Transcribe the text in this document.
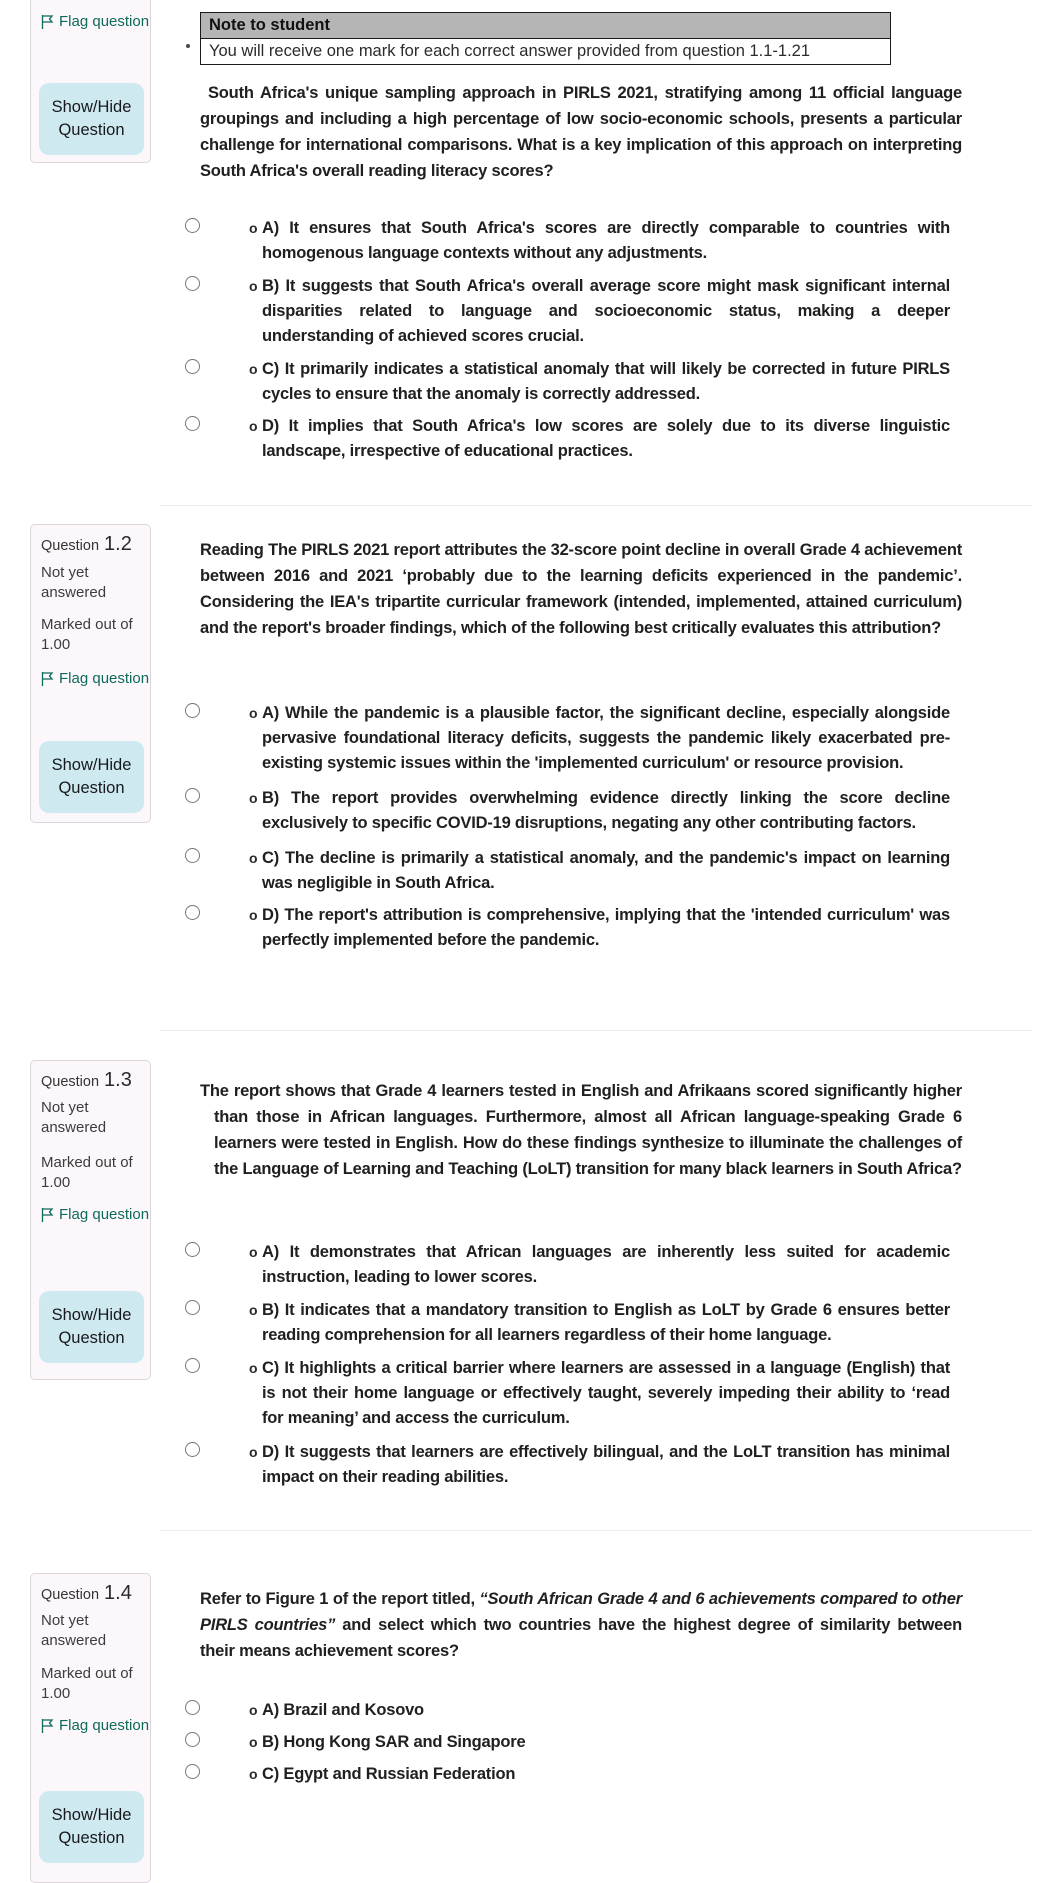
Flag question
Show/Hide Question
Note to student
You will receive one mark for each correct answer provided from question 1.1-1.21
South Africa's unique sampling approach in PIRLS 2021, stratifying among 11 official language groupings and including a high percentage of low socio-economic schools, presents a particular challenge for international comparisons. What is a key implication of this approach on interpreting South Africa's overall reading literacy scores?
o A) It ensures that South Africa's scores are directly comparable to countries with homogenous language contexts without any adjustments.
o B) It suggests that South Africa's overall average score might mask significant internal disparities related to language and socioeconomic status, making a deeper understanding of achieved scores crucial.
o C) It primarily indicates a statistical anomaly that will likely be corrected in future PIRLS cycles to ensure that the anomaly is correctly addressed.
o D) It implies that South Africa's low scores are solely due to its diverse linguistic landscape, irrespective of educational practices.
Question 1.2
Not yet answered
Marked out of 1.00
Flag question
Show/Hide Question
Reading The PIRLS 2021 report attributes the 32-score point decline in overall Grade 4 achievement between 2016 and 2021 ‘probably due to the learning deficits experienced in the pandemic’. Considering the IEA's tripartite curricular framework (intended, implemented, attained curriculum) and the report's broader findings, which of the following best critically evaluates this attribution?
o A) While the pandemic is a plausible factor, the significant decline, especially alongside pervasive foundational literacy deficits, suggests the pandemic likely exacerbated pre-existing systemic issues within the 'implemented curriculum' or resource provision.
o B) The report provides overwhelming evidence directly linking the score decline exclusively to specific COVID-19 disruptions, negating any other contributing factors.
o C) The decline is primarily a statistical anomaly, and the pandemic's impact on learning was negligible in South Africa.
o D) The report's attribution is comprehensive, implying that the 'intended curriculum' was perfectly implemented before the pandemic.
Question 1.3
Not yet answered
Marked out of 1.00
Flag question
Show/Hide Question
The report shows that Grade 4 learners tested in English and Afrikaans scored significantly higher than those in African languages. Furthermore, almost all African language-speaking Grade 6 learners were tested in English. How do these findings synthesize to illuminate the challenges of the Language of Learning and Teaching (LoLT) transition for many black learners in South Africa?
o A) It demonstrates that African languages are inherently less suited for academic instruction, leading to lower scores.
o B) It indicates that a mandatory transition to English as LoLT by Grade 6 ensures better reading comprehension for all learners regardless of their home language.
o C) It highlights a critical barrier where learners are assessed in a language (English) that is not their home language or effectively taught, severely impeding their ability to ‘read for meaning’ and access the curriculum.
o D) It suggests that learners are effectively bilingual, and the LoLT transition has minimal impact on their reading abilities.
Question 1.4
Not yet answered
Marked out of 1.00
Flag question
Show/Hide Question
Refer to Figure 1 of the report titled, “South African Grade 4 and 6 achievements compared to other PIRLS countries” and select which two countries have the highest degree of similarity between their means achievement scores?
o A) Brazil and Kosovo
o B) Hong Kong SAR and Singapore
o C) Egypt and Russian Federation
